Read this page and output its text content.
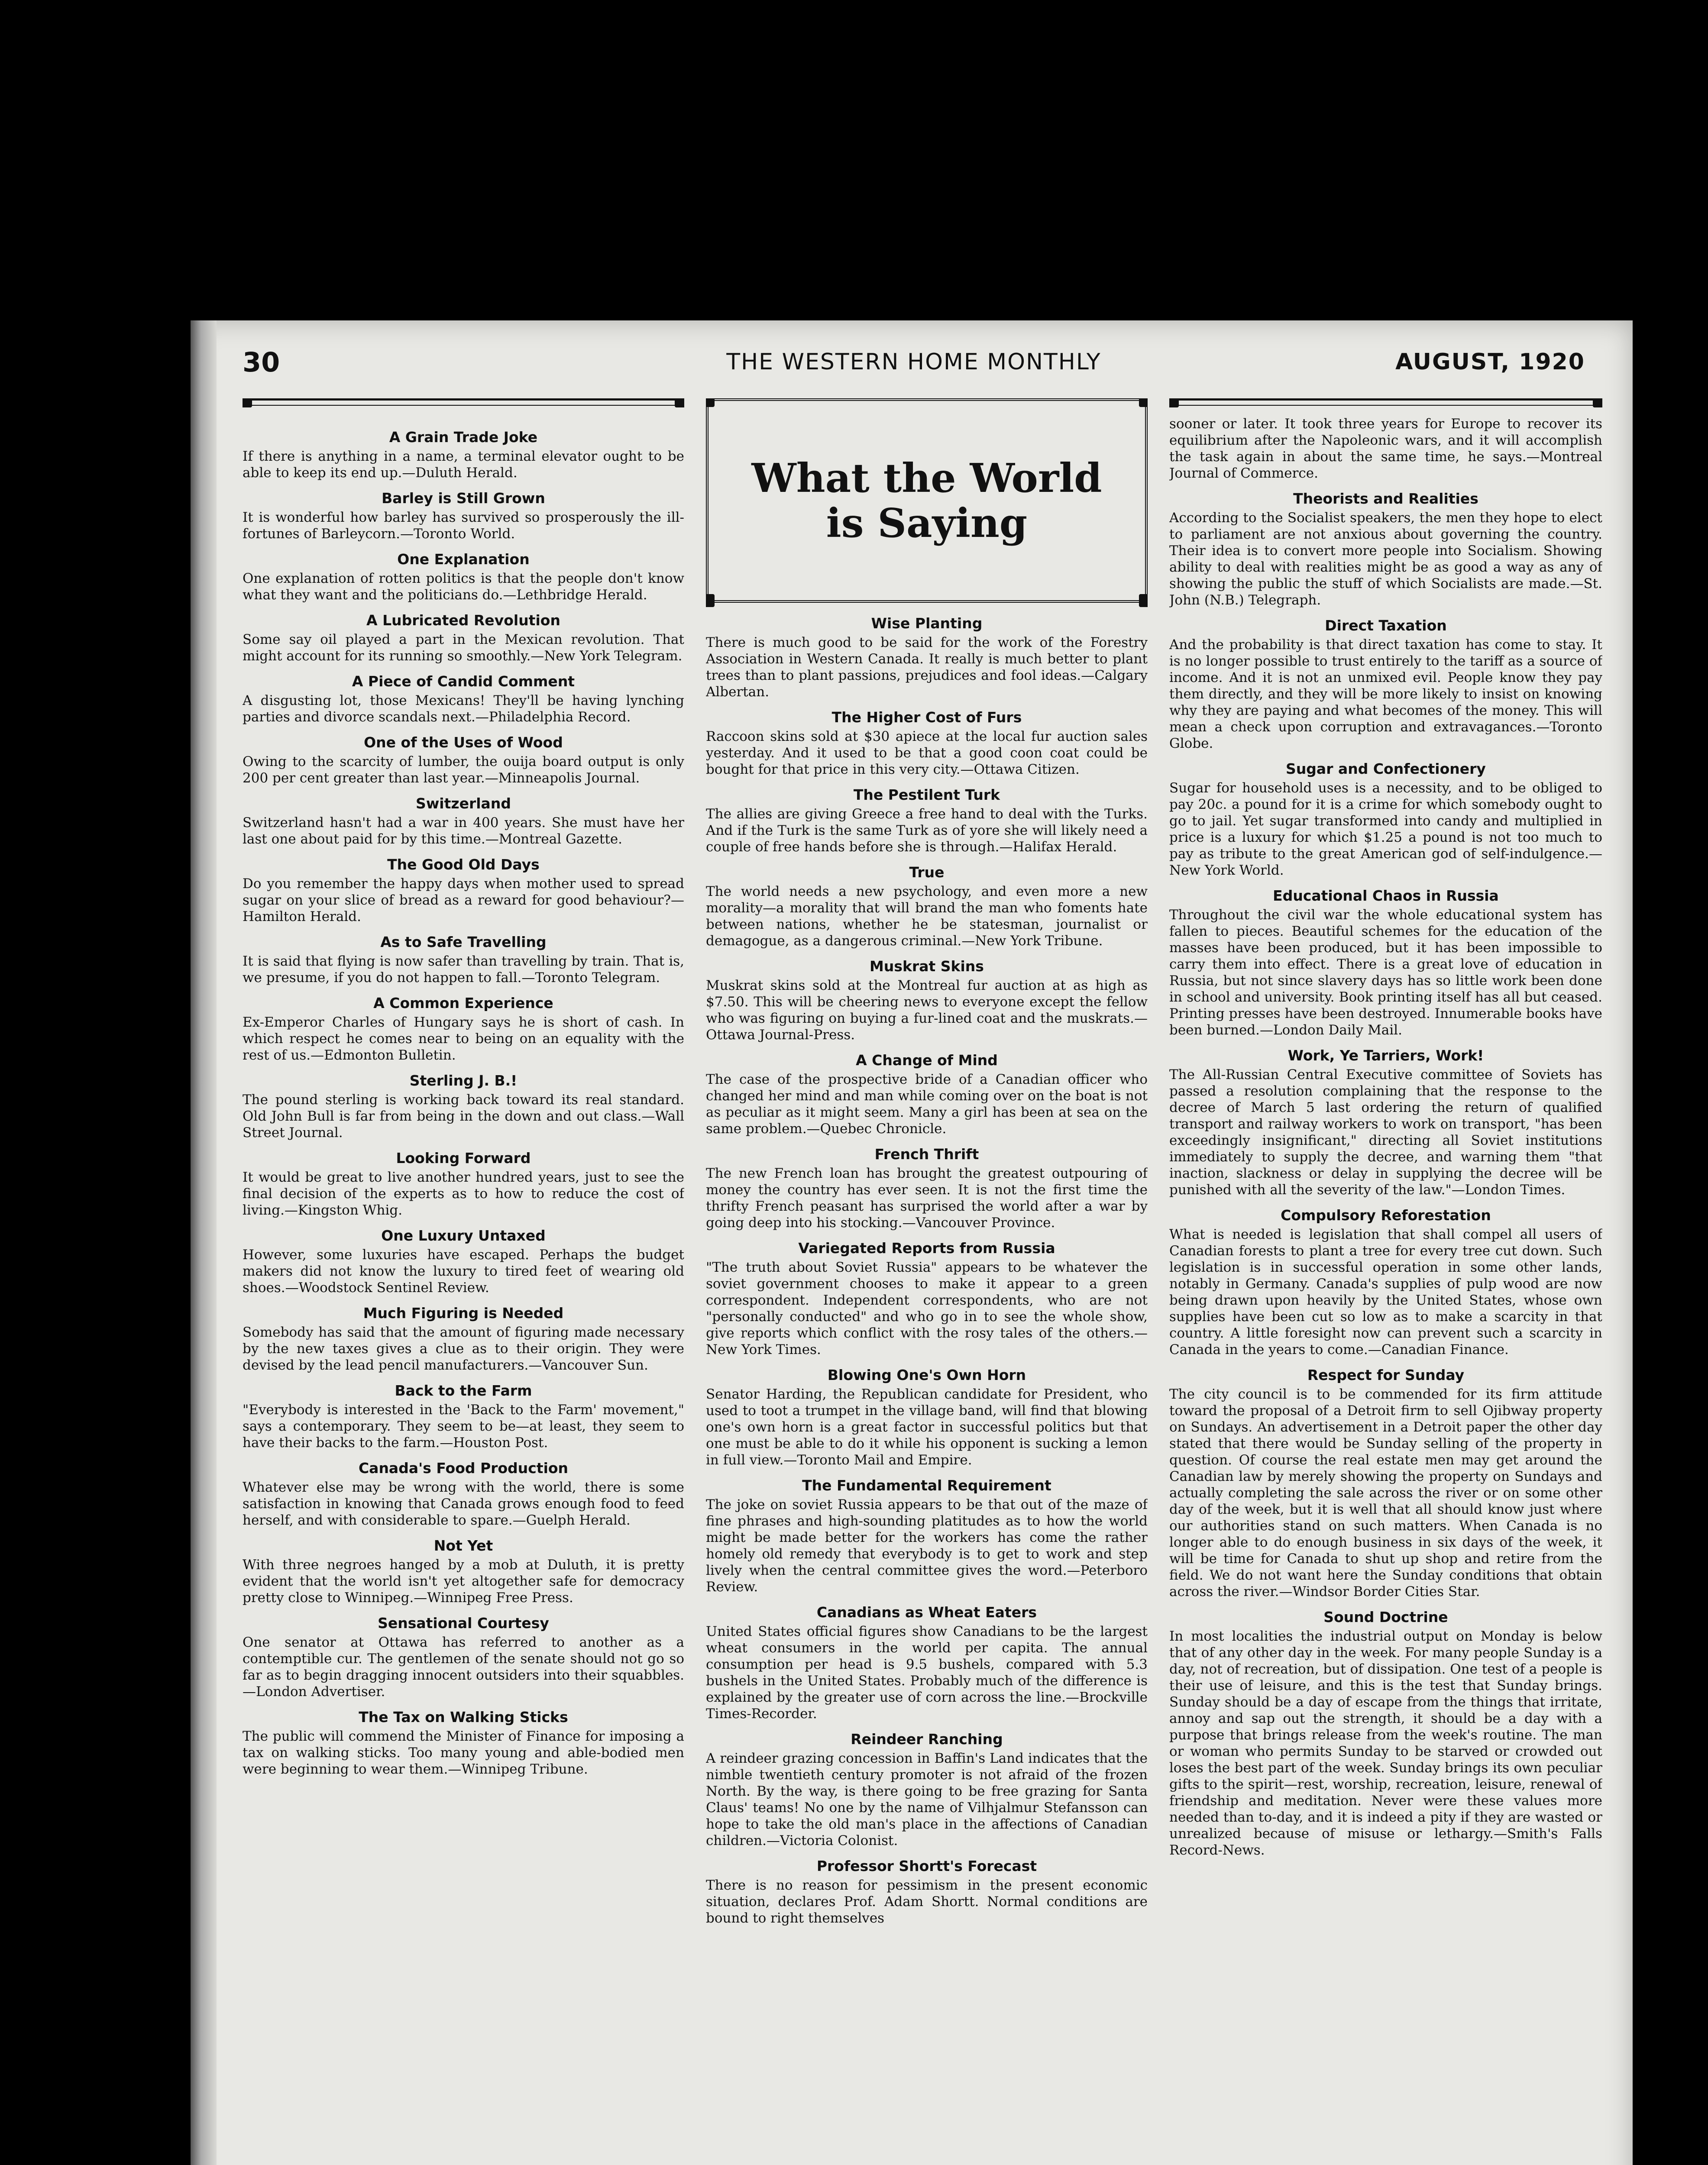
30	THE WESTERN HOME MONTHLY	AUGUST, 1920
A Grain Trade Joke

If there is anything in a name, a terminal elevator ought to be able to keep its end up.—Duluth Herald.

Barley is Still Grown

It is wonderful how barley has survived so prosperously the ill-fortunes of Barleycorn.—Toronto World.

One Explanation

One explanation of rotten politics is that the people don't know what they want and the politicians do.—Lethbridge Herald.

A Lubricated Revolution

Some say oil played a part in the Mexican revolution. That might account for its running so smoothly.—New York Telegram.

A Piece of Candid Comment

A disgusting lot, those Mexicans! They'll be having lynching parties and divorce scandals next.—Philadelphia Record.

One of the Uses of Wood

Owing to the scarcity of lumber, the ouija board output is only 200 per cent greater than last year.—Minneapolis Journal.

Switzerland

Switzerland hasn't had a war in 400 years. She must have her last one about paid for by this time.—Montreal Gazette.

The Good Old Days

Do you remember the happy days when mother used to spread sugar on your slice of bread as a reward for good behaviour?—Hamilton Herald.

As to Safe Travelling

It is said that flying is now safer than travelling by train. That is, we presume, if you do not happen to fall.—Toronto Telegram.

A Common Experience

Ex-Emperor Charles of Hungary says he is short of cash. In which respect he comes near to being on an equality with the rest of us.—Edmonton Bulletin.

Sterling J. B.!

The pound sterling is working back toward its real standard. Old John Bull is far from being in the down and out class.—Wall Street Journal.

Looking Forward

It would be great to live another hundred years, just to see the final decision of the experts as to how to reduce the cost of living.—Kingston Whig.

One Luxury Untaxed

However, some luxuries have escaped. Perhaps the budget makers did not know the luxury to tired feet of wearing old shoes.—Woodstock Sentinel Review.

Much Figuring is Needed

Somebody has said that the amount of figuring made necessary by the new taxes gives a clue as to their origin. They were devised by the lead pencil manufacturers.—Vancouver Sun.

Back to the Farm

"Everybody is interested in the 'Back to the Farm' movement," says a contemporary. They seem to be—at least, they seem to have their backs to the farm.—Houston Post.

Canada's Food Production

Whatever else may be wrong with the world, there is some satisfaction in knowing that Canada grows enough food to feed herself, and with considerable to spare.—Guelph Herald.

Not Yet

With three negroes hanged by a mob at Duluth, it is pretty evident that the world isn't yet altogether safe for democracy pretty close to Winnipeg.—Winnipeg Free Press.

Sensational Courtesy

One senator at Ottawa has referred to another as a contemptible cur. The gentlemen of the senate should not go so far as to begin dragging innocent outsiders into their squabbles.—London Advertiser.

The Tax on Walking Sticks

The public will commend the Minister of Finance for imposing a tax on walking sticks. Too many young and able-bodied men were beginning to wear them.—Winnipeg Tribune.

What the World

is Saying

Wise Planting

There is much good to be said for the work of the Forestry Association in Western Canada. It really is much better to plant trees than to plant passions, prejudices and fool ideas.—Calgary Albertan.

The Higher Cost of Furs

Raccoon skins sold at $30 apiece at the local fur auction sales yesterday. And it used to be that a good coon coat could be bought for that price in this very city.—Ottawa Citizen.

The Pestilent Turk

The allies are giving Greece a free hand to deal with the Turks. And if the Turk is the same Turk as of yore she will likely need a couple of free hands before she is through.—Halifax Herald.

True

The world needs a new psychology, and even more a new morality—a morality that will brand the man who foments hate between nations, whether he be statesman, journalist or demagogue, as a dangerous criminal.—New York Tribune.

Muskrat Skins

Muskrat skins sold at the Montreal fur auction at as high as $7.50. This will be cheering news to everyone except the fellow who was figuring on buying a fur-lined coat and the muskrats.—Ottawa Journal-Press.

A Change of Mind

The case of the prospective bride of a Canadian officer who changed her mind and man while coming over on the boat is not as peculiar as it might seem. Many a girl has been at sea on the same problem.—Quebec Chronicle.

French Thrift

The new French loan has brought the greatest outpouring of money the country has ever seen. It is not the first time the thrifty French peasant has surprised the world after a war by going deep into his stocking.—Vancouver Province.

Variegated Reports from Russia

"The truth about Soviet Russia" appears to be whatever the soviet government chooses to make it appear to a green correspondent. Independent correspondents, who are not "personally conducted" and who go in to see the whole show, give reports which conflict with the rosy tales of the others.—New York Times.

Blowing One's Own Horn

Senator Harding, the Republican candidate for President, who used to toot a trumpet in the village band, will find that blowing one's own horn is a great factor in successful politics but that one must be able to do it while his opponent is sucking a lemon in full view.—Toronto Mail and Empire.

The Fundamental Requirement

The joke on soviet Russia appears to be that out of the maze of fine phrases and high-sounding platitudes as to how the world might be made better for the workers has come the rather homely old remedy that everybody is to get to work and step lively when the central committee gives the word.—Peterboro Review.

Canadians as Wheat Eaters

United States official figures show Canadians to be the largest wheat consumers in the world per capita. The annual consumption per head is 9.5 bushels, compared with 5.3 bushels in the United States. Probably much of the difference is explained by the greater use of corn across the line.—Brockville Times-Recorder.

Reindeer Ranching

A reindeer grazing concession in Baffin's Land indicates that the nimble twentieth century promoter is not afraid of the frozen North. By the way, is there going to be free grazing for Santa Claus' teams! No one by the name of Vilhjalmur Stefansson can hope to take the old man's place in the affections of Canadian children.—Victoria Colonist.

Professor Shortt's Forecast

There is no reason for pessimism in the present economic situation, declares Prof. Adam Shortt. Normal conditions are bound to right themselves

sooner or later. It took three years for Europe to recover its equilibrium after the Napoleonic wars, and it will accomplish the task again in about the same time, he says.—Montreal Journal of Commerce.

Theorists and Realities

According to the Socialist speakers, the men they hope to elect to parliament are not anxious about governing the country. Their idea is to convert more people into Socialism. Showing ability to deal with realities might be as good a way as any of showing the public the stuff of which Socialists are made.—St. John (N.B.) Telegraph.

Direct Taxation

And the probability is that direct taxation has come to stay. It is no longer possible to trust entirely to the tariff as a source of income. And it is not an unmixed evil. People know they pay them directly, and they will be more likely to insist on knowing why they are paying and what becomes of the money. This will mean a check upon corruption and extravagances.—Toronto Globe.

Sugar and Confectionery

Sugar for household uses is a necessity, and to be obliged to pay 20c. a pound for it is a crime for which somebody ought to go to jail. Yet sugar transformed into candy and multiplied in price is a luxury for which $1.25 a pound is not too much to pay as tribute to the great American god of self-indulgence.—New York World.

Educational Chaos in Russia

Throughout the civil war the whole educational system has fallen to pieces. Beautiful schemes for the education of the masses have been produced, but it has been impossible to carry them into effect. There is a great love of education in Russia, but not since slavery days has so little work been done in school and university. Book printing itself has all but ceased. Printing presses have been destroyed. Innumerable books have been burned.—London Daily Mail.

Work, Ye Tarriers, Work!

The All-Russian Central Executive committee of Soviets has passed a resolution complaining that the response to the decree of March 5 last ordering the return of qualified transport and railway workers to work on transport, "has been exceedingly insignificant," directing all Soviet institutions immediately to supply the decree, and warning them "that inaction, slackness or delay in supplying the decree will be punished with all the severity of the law."—London Times.

Compulsory Reforestation

What is needed is legislation that shall compel all users of Canadian forests to plant a tree for every tree cut down. Such legislation is in successful operation in some other lands, notably in Germany. Canada's supplies of pulp wood are now being drawn upon heavily by the United States, whose own supplies have been cut so low as to make a scarcity in that country. A little foresight now can prevent such a scarcity in Canada in the years to come.—Canadian Finance.

Respect for Sunday

The city council is to be commended for its firm attitude toward the proposal of a Detroit firm to sell Ojibway property on Sundays. An advertisement in a Detroit paper the other day stated that there would be Sunday selling of the property in question. Of course the real estate men may get around the Canadian law by merely showing the property on Sundays and actually completing the sale across the river or on some other day of the week, but it is well that all should know just where our authorities stand on such matters. When Canada is no longer able to do enough business in six days of the week, it will be time for Canada to shut up shop and retire from the field. We do not want here the Sunday conditions that obtain across the river.—Windsor Border Cities Star.

Sound Doctrine

In most localities the industrial output on Monday is below that of any other day in the week. For many people Sunday is a day, not of recreation, but of dissipation. One test of a people is their use of leisure, and this is the test that Sunday brings. Sunday should be a day of escape from the things that irritate, annoy and sap out the strength, it should be a day with a purpose that brings release from the week's routine. The man or woman who permits Sunday to be starved or crowded out loses the best part of the week. Sunday brings its own peculiar gifts to the spirit—rest, worship, recreation, leisure, renewal of friendship and meditation. Never were these values more needed than to-day, and it is indeed a pity if they are wasted or unrealized because of misuse or lethargy.—Smith's Falls Record-News.
